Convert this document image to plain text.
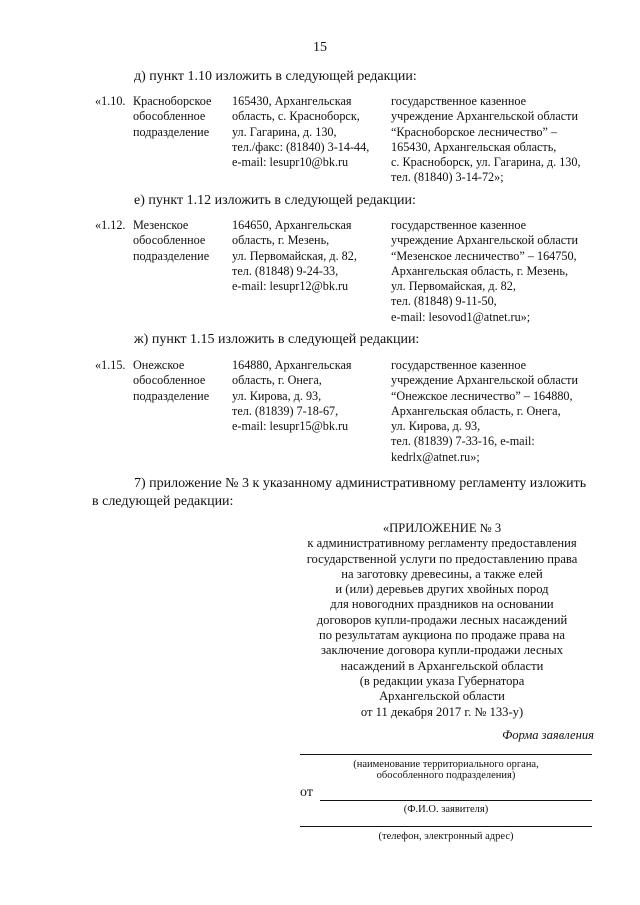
15
д) пункт 1.10 изложить в следующей редакции:
«1.10. Красноборское
обособленное
подразделение
165430, Архангельская
область, с. Красноборск,
ул. Гагарина, д. 130,
тел./факс: (81840) 3-14-44,
e-mail: lesupr10@bk.ru
государственное казенное
учреждение Архангельской области
“Красноборское лесничество” –
165430, Архангельская область,
с. Красноборск, ул. Гагарина, д. 130,
тел. (81840) 3-14-72»;
е) пункт 1.12 изложить в следующей редакции:
«1.12. Мезенское
обособленное
подразделение
164650, Архангельская
область, г. Мезень,
ул. Первомайская, д. 82,
тел. (81848) 9-24-33,
e-mail: lesupr12@bk.ru
государственное казенное
учреждение Архангельской области
“Мезенское лесничество” – 164750,
Архангельская область, г. Мезень,
ул. Первомайская, д. 82,
тел. (81848) 9-11-50,
e-mail: lesovod1@atnet.ru»;
ж) пункт 1.15 изложить в следующей редакции:
«1.15. Онежское
обособленное
подразделение
164880, Архангельская
область, г. Онега,
ул. Кирова, д. 93,
тел. (81839) 7-18-67,
e-mail: lesupr15@bk.ru
государственное казенное
учреждение Архангельской области
“Онежское лесничество” – 164880,
Архангельская область, г. Онега,
ул. Кирова, д. 93,
тел. (81839) 7-33-16, e-mail:
kedrlx@atnet.ru»;
7) приложение № 3 к указанному административному регламенту изложить
в следующей редакции:
«ПРИЛОЖЕНИЕ № 3
к административному регламенту предоставления
государственной услуги по предоставлению права
на заготовку древесины, а также елей
и (или) деревьев других хвойных пород
для новогодних праздников на основании
договоров купли-продажи лесных насаждений
по результатам аукциона по продаже права на
заключение договора купли-продажи лесных
насаждений в Архангельской области
(в редакции указа Губернатора
Архангельской области
от 11 декабря 2017 г. № 133-у)
Форма заявления
(наименование территориального органа,
обособленного подразделения)
от
(Ф.И.О. заявителя)
(телефон, электронный адрес)
